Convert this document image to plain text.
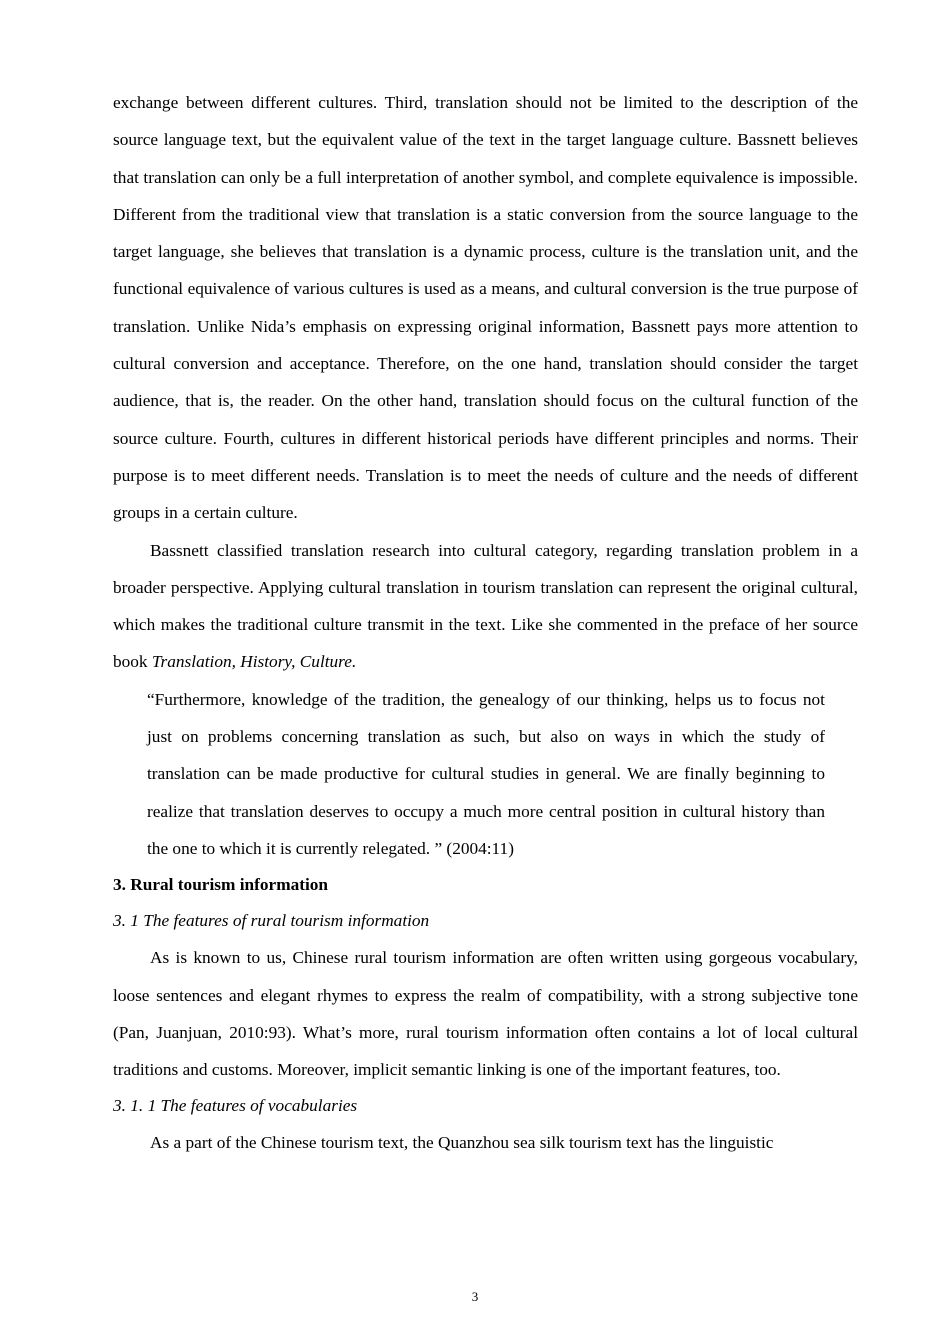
exchange between different cultures. Third, translation should not be limited to the description of the source language text, but the equivalent value of the text in the target language culture. Bassnett believes that translation can only be a full interpretation of another symbol, and complete equivalence is impossible. Different from the traditional view that translation is a static conversion from the source language to the target language, she believes that translation is a dynamic process, culture is the translation unit, and the functional equivalence of various cultures is used as a means, and cultural conversion is the true purpose of translation. Unlike Nida’s emphasis on expressing original information, Bassnett pays more attention to cultural conversion and acceptance. Therefore, on the one hand, translation should consider the target audience, that is, the reader. On the other hand, translation should focus on the cultural function of the source culture. Fourth, cultures in different historical periods have different principles and norms. Their purpose is to meet different needs. Translation is to meet the needs of culture and the needs of different groups in a certain culture.

Bassnett classified translation research into cultural category, regarding translation problem in a broader perspective. Applying cultural translation in tourism translation can represent the original cultural, which makes the traditional culture transmit in the text. Like she commented in the preface of her source book Translation, History, Culture.

“Furthermore, knowledge of the tradition, the genealogy of our thinking, helps us to focus not just on problems concerning translation as such, but also on ways in which the study of translation can be made productive for cultural studies in general. We are finally beginning to realize that translation deserves to occupy a much more central position in cultural history than the one to which it is currently relegated. ” (2004:11)

3. Rural tourism information

3. 1 The features of rural tourism information

As is known to us, Chinese rural tourism information are often written using gorgeous vocabulary, loose sentences and elegant rhymes to express the realm of compatibility, with a strong subjective tone (Pan, Juanjuan, 2010:93). What’s more, rural tourism information often contains a lot of local cultural traditions and customs. Moreover, implicit semantic linking is one of the important features, too.

3. 1. 1 The features of vocabularies

As a part of the Chinese tourism text, the Quanzhou sea silk tourism text has the linguistic

3
